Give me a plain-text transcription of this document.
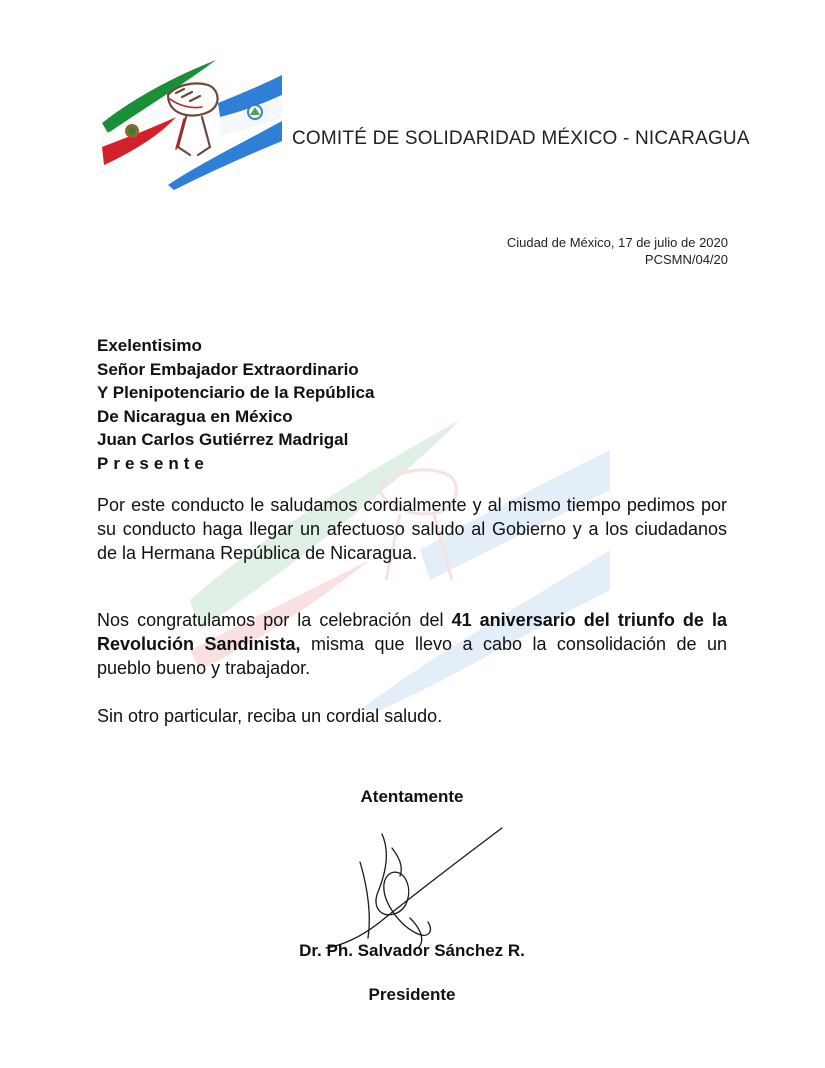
COMITÉ DE SOLIDARIDAD MÉXICO - NICARAGUA
Ciudad de México, 17 de julio de 2020
PCSMN/04/20
Exelentisimo
Señor Embajador Extraordinario
Y Plenipotenciario de la República
De Nicaragua en México
Juan Carlos Gutiérrez Madrigal
Presente
Por este conducto le saludamos cordialmente y al mismo tiempo pedimos por su conducto haga llegar un afectuoso saludo al Gobierno y a los ciudadanos de la Hermana República de Nicaragua.
Nos congratulamos por la celebración del 41 aniversario del triunfo de la Revolución Sandinista, misma que llevo a cabo la consolidación de un pueblo bueno y trabajador.
Sin otro particular, reciba un cordial saludo.
Atentamente
Dr. Ph. Salvador Sánchez R.
Presidente
